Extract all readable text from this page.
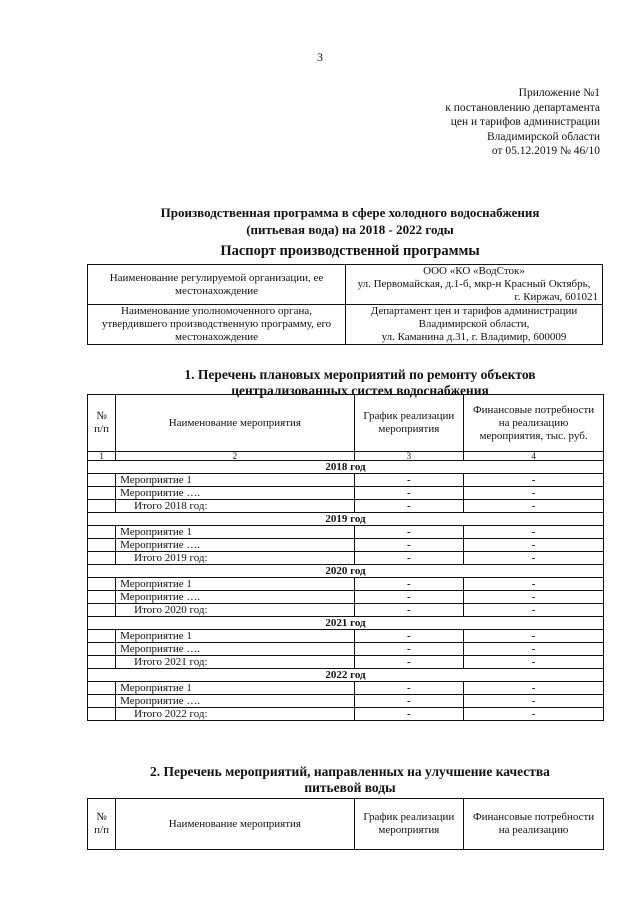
3
Приложение №1
к постановлению департамента
цен и тарифов администрации
Владимирской области
от 05.12.2019 № 46/10
Производственная программа в сфере холодного водоснабжения
(питьевая вода) на 2018 - 2022 годы
Паспорт производственной программы
Наименование регулируемой организации, ее местонахождение	ООО «КО «ВодСток»
ул. Первомайская, д.1-б, мкр-н Красный Октябрь,
г. Киржач, 601021

Наименование уполномоченного органа, утвердившего производственную программу, его местонахождение	Департамент цен и тарифов администрации
Владимирской области,
ул. Каманина д.31, г. Владимир, 600009
1. Перечень плановых мероприятий по ремонту объектов
централизованных систем водоснабжения
№ п/п	Наименование мероприятия	График реализации мероприятия	Финансовые потребности на реализацию мероприятия, тыс. руб.
1	2	3	4
2018 год			
	Мероприятие 1	-	-
	Мероприятие ….	-	-
	Итого 2018 год:	-	-
2019 год			
	Мероприятие 1	-	-
	Мероприятие ….	-	-
	Итого 2019 год:	-	-
2020 год			
	Мероприятие 1	-	-
	Мероприятие ….	-	-
	Итого 2020 год:	-	-
2021 год			
	Мероприятие 1	-	-
	Мероприятие ….	-	-
	Итого 2021 год:	-	-
2022 год			
	Мероприятие 1	-	-
	Мероприятие ….	-	-
	Итого 2022 год:	-	-
2. Перечень мероприятий, направленных на улучшение качества
питьевой воды
№ п/п	Наименование мероприятия	График реализации мероприятия	Финансовые потребности на реализацию
